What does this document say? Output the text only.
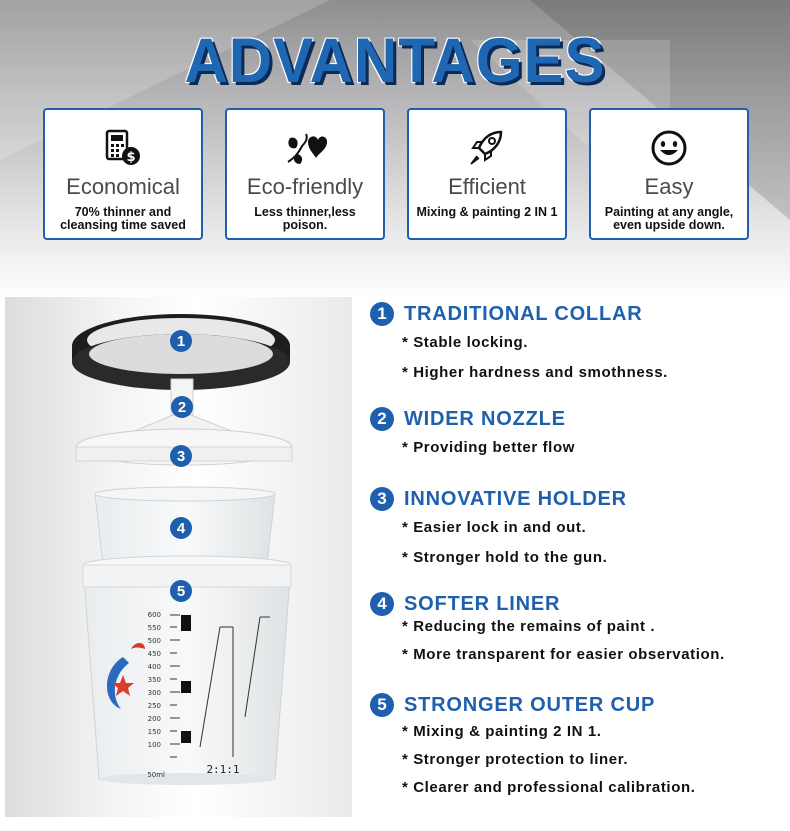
ADVANTAGES
$
Economical
70% thinner and cleansing time saved
Eco-friendly
Less thinner,less poison.
Efficient
Mixing & painting 2 IN 1
Easy
Painting at any angle, even upside down.
600
550
500
450
400
350
300
250
200
150
100
50ml	2:1:1
1
2
3
4
5
1 TRADITIONAL COLLAR
* Stable locking.
* Higher hardness and smothness.
2 WIDER NOZZLE
* Providing better flow
3 INNOVATIVE HOLDER
* Easier lock in and out.
* Stronger hold to the gun.
4 SOFTER LINER
* Reducing the remains of paint .
* More transparent for easier observation.
5 STRONGER OUTER CUP
* Mixing & painting 2 IN 1.
* Stronger protection to liner.
* Clearer and professional calibration.
